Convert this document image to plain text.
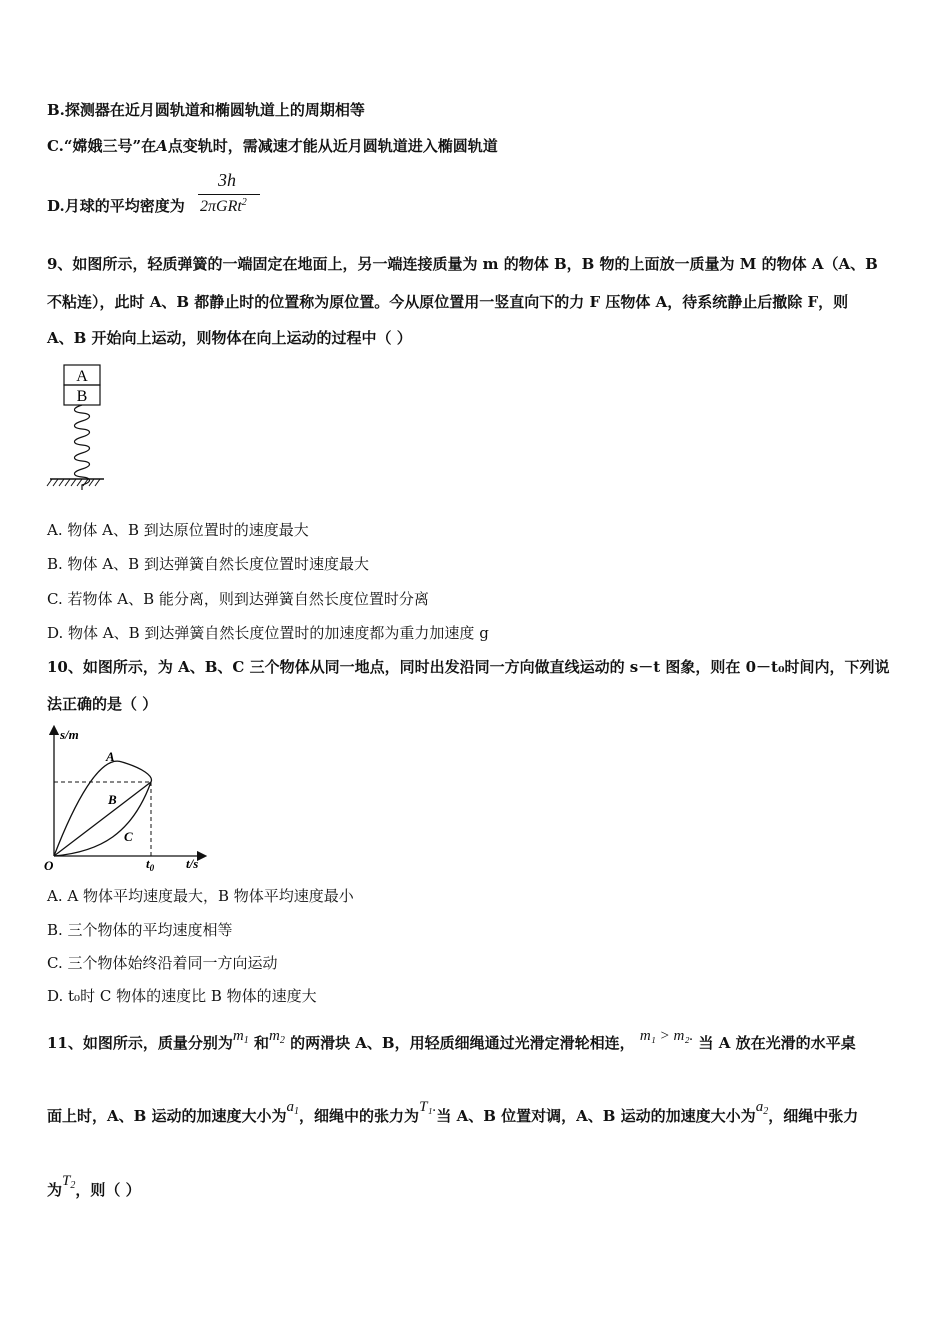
B.探测器在近月圆轨道和椭圆轨道上的周期相等
C.“嫦娥三号”在A点变轨时，需减速才能从近月圆轨道进入椭圆轨道
D.月球的平均密度为
3h
2πGRt$^2$
9、如图所示，轻质弹簧的一端固定在地面上，另一端连接质量为 m 的物体 B，B 物的上面放一质量为 M 的物体 A（A、B
不粘连），此时 A、B 都静止时的位置称为原位置。今从原位置用一竖直向下的力 F 压物体 A，待系统静止后撤除 F，则
A、B 开始向上运动，则物体在向上运动的过程中（ ）
A
B
A. 物体 A、B 到达原位置时的速度最大
B. 物体 A、B 到达弹簧自然长度位置时速度最大
C. 若物体 A、B 能分离，则到达弹簧自然长度位置时分离
D. 物体 A、B 到达弹簧自然长度位置时的加速度都为重力加速度 g
10、如图所示，为 A、B、C 三个物体从同一地点，同时出发沿同一方向做直线运动的 s－t 图象，则在 0－t₀时间内，下列说
法正确的是（ ）
s/m
t/s
O	$t_0$
A
B
C
A. A 物体平均速度最大，B 物体平均速度最小
B. 三个物体的平均速度相等
C. 三个物体始终沿着同一方向运动
D. t₀时 C 物体的速度比 B 物体的速度大
11、如图所示，质量分别为$m_1$ 和$m_2$ 的两滑块 A、B，用轻质细绳通过光滑定滑轮相连， m₁ > m₂. 当 A 放在光滑的水平桌
面上时，A、B 运动的加速度大小为$a_1$，细绳中的张力为T₁.当 A、B 位置对调，A、B 运动的加速度大小为$a_2$，细绳中张力
为$T_2$，则（ ）
